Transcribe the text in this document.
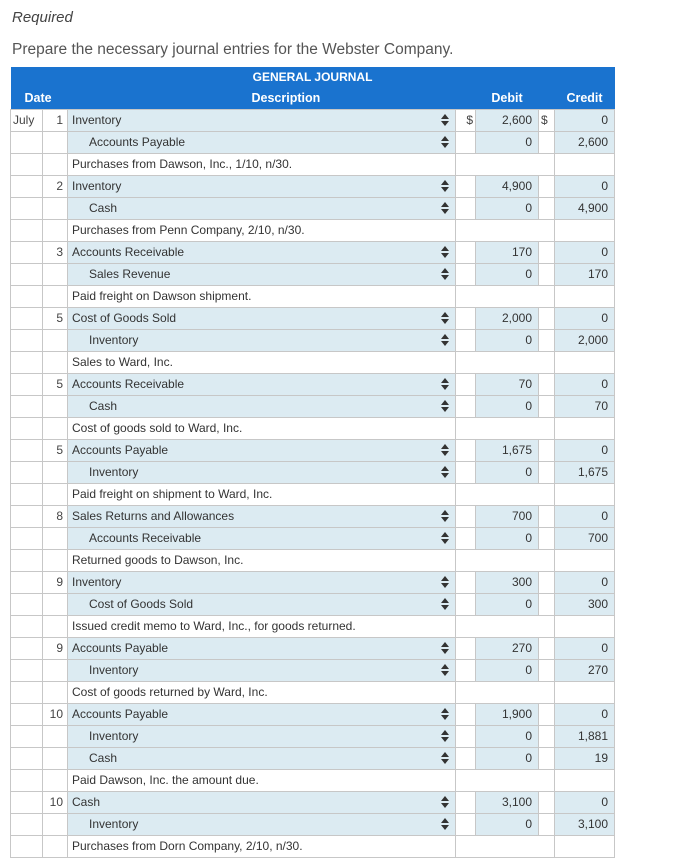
Required
Prepare the necessary journal entries for the Webster Company.
GENERAL JOURNAL						
Date		Description		Debit		Credit
July	1	Inventory	$	2,600	$	0
		Accounts Payable		0		2,600
		Purchases from Dawson, Inc., 1/10, n/30.				
	2	Inventory		4,900		0
		Cash		0		4,900
		Purchases from Penn Company, 2/10, n/30.				
	3	Accounts Receivable		170		0
		Sales Revenue		0		170
		Paid freight on Dawson shipment.				
	5	Cost of Goods Sold		2,000		0
		Inventory		0		2,000
		Sales to Ward, Inc.				
	5	Accounts Receivable		70		0
		Cash		0		70
		Cost of goods sold to Ward, Inc.				
	5	Accounts Payable		1,675		0
		Inventory		0		1,675
		Paid freight on shipment to Ward, Inc.				
	8	Sales Returns and Allowances		700		0
		Accounts Receivable		0		700
		Returned goods to Dawson, Inc.				
	9	Inventory		300		0
		Cost of Goods Sold		0		300
		Issued credit memo to Ward, Inc., for goods returned.				
	9	Accounts Payable		270		0
		Inventory		0		270
		Cost of goods returned by Ward, Inc.				
	10	Accounts Payable		1,900		0
		Inventory		0		1,881
		Cash		0		19
		Paid Dawson, Inc. the amount due.				
	10	Cash		3,100		0
		Inventory		0		3,100
		Purchases from Dorn Company, 2/10, n/30.				
